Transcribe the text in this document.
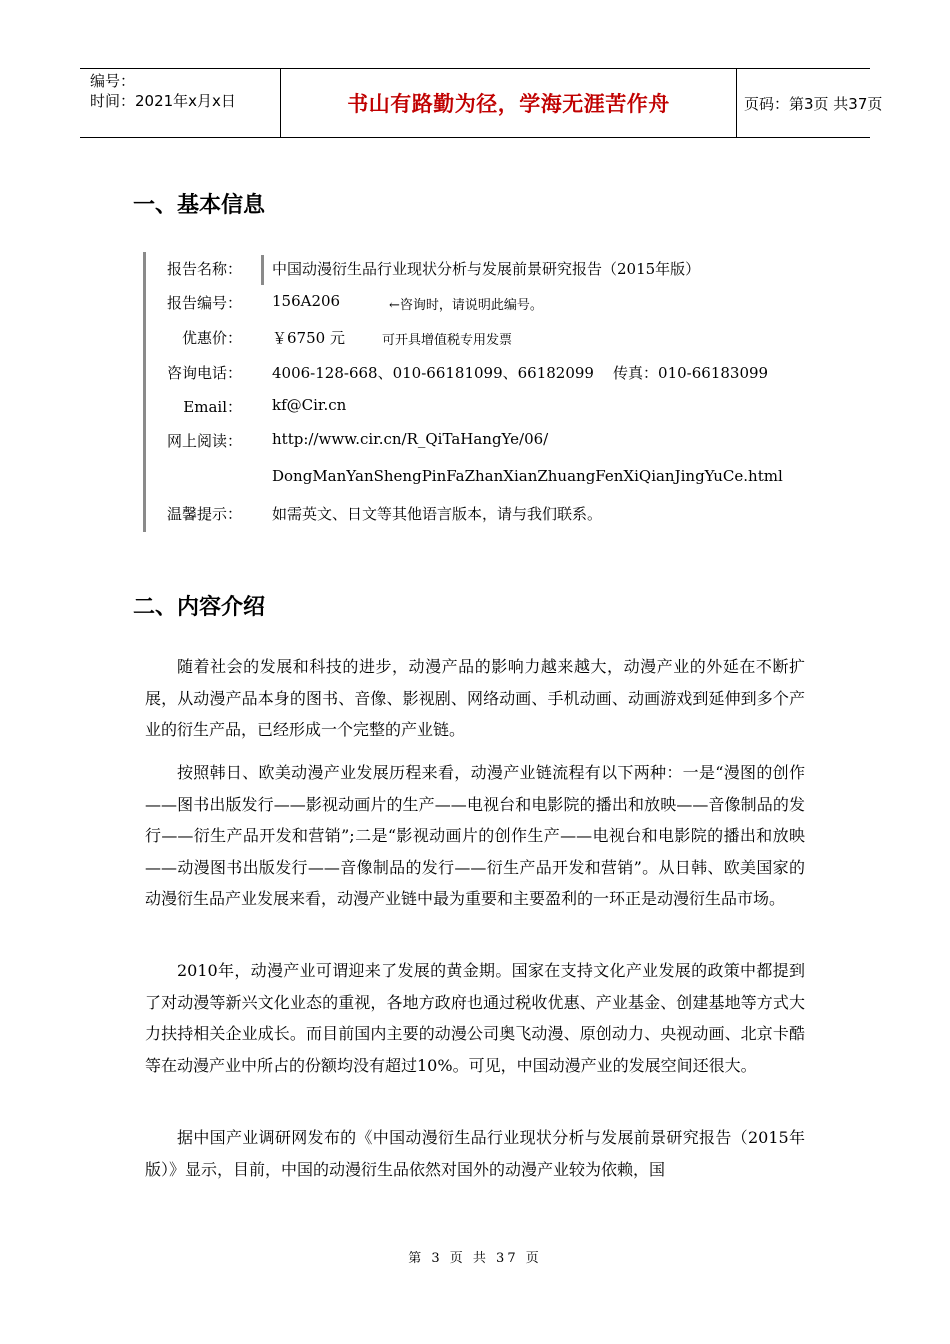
编号：
时间：2021年x月x日	书山有路勤为径，学海无涯苦作舟	页码：第3页 共37页
一、基本信息
报告名称： 中国动漫衍生品行业现状分析与发展前景研究报告（2015年版）
报告编号： 156A206	←咨询时，请说明此编号。
优惠价： ￥6750 元	可开具增值税专用发票
咨询电话： 4006-128-668、010-66181099、66182099    传真：010-66183099
Email： kf@Cir.cn
网上阅读： http://www.cir.cn/R_QiTaHangYe/06/
DongManYanShengPinFaZhanXianZhuangFenXiQianJingYuCe.html
温馨提示： 如需英文、日文等其他语言版本，请与我们联系。
二、内容介绍
随着社会的发展和科技的进步，动漫产品的影响力越来越大，动漫产业的外延在不断扩展，从动漫产品本身的图书、音像、影视剧、网络动画、手机动画、动画游戏到延伸到多个产业的衍生产品，已经形成一个完整的产业链。
按照韩日、欧美动漫产业发展历程来看，动漫产业链流程有以下两种：一是“漫图的创作——图书出版发行——影视动画片的生产——电视台和电影院的播出和放映——音像制品的发行——衍生产品开发和营销”;二是“影视动画片的创作生产——电视台和电影院的播出和放映——动漫图书出版发行——音像制品的发行——衍生产品开发和营销”。从日韩、欧美国家的动漫衍生品产业发展来看，动漫产业链中最为重要和主要盈利的一环正是动漫衍生品市场。
2010年，动漫产业可谓迎来了发展的黄金期。国家在支持文化产业发展的政策中都提到了对动漫等新兴文化业态的重视，各地方政府也通过税收优惠、产业基金、创建基地等方式大力扶持相关企业成长。而目前国内主要的动漫公司奥飞动漫、原创动力、央视动画、北京卡酷等在动漫产业中所占的份额均没有超过10%。可见，中国动漫产业的发展空间还很大。
据中国产业调研网发布的《中国动漫衍生品行业现状分析与发展前景研究报告（2015年版）》显示，目前，中国的动漫衍生品依然对国外的动漫产业较为依赖，国
第 3 页 共 37 页
